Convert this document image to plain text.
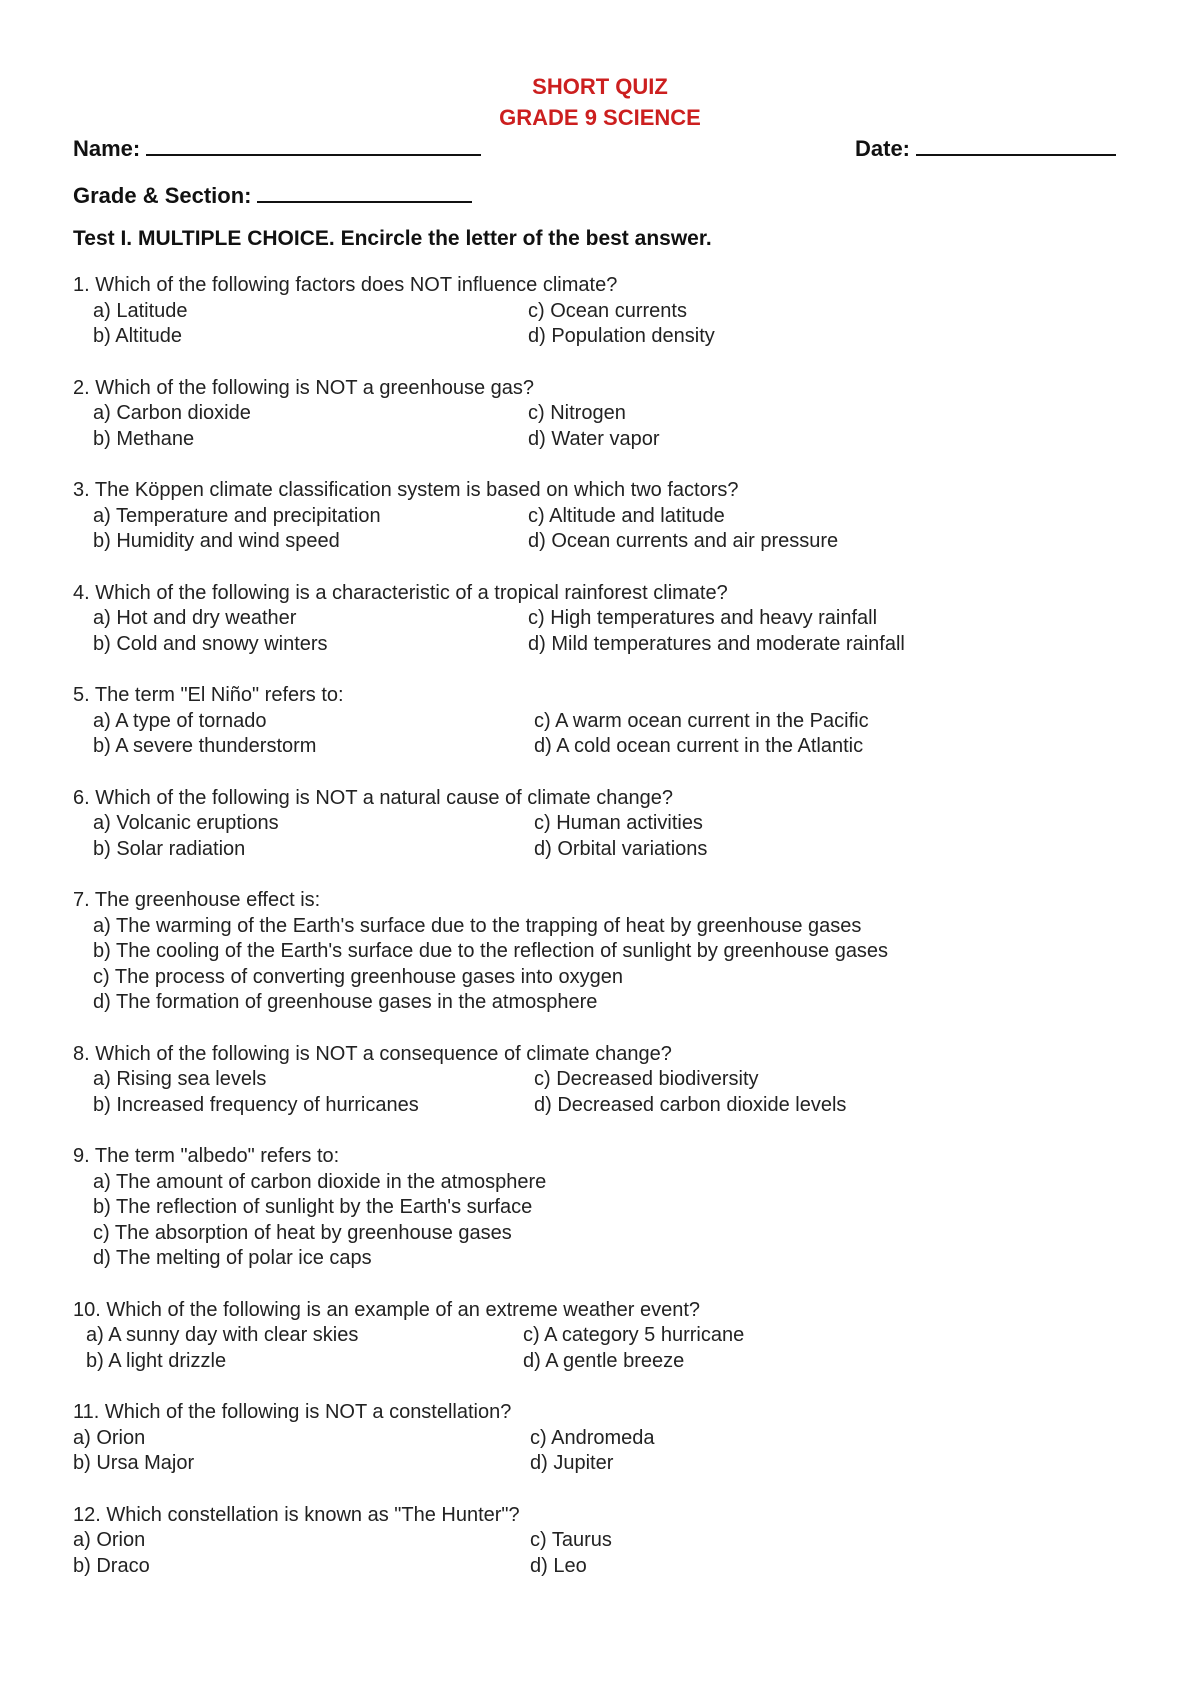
SHORT QUIZ
GRADE 9 SCIENCE
Name:	Date:
Grade & Section:
Test I. MULTIPLE CHOICE. Encircle the letter of the best answer.
1. Which of the following factors does NOT influence climate?
a) Latitude	c) Ocean currents
b) Altitude	d) Population density
2. Which of the following is NOT a greenhouse gas?
a) Carbon dioxide	c) Nitrogen
b) Methane	d) Water vapor
3. The Köppen climate classification system is based on which two factors?
a) Temperature and precipitation	c) Altitude and latitude
b) Humidity and wind speed	d) Ocean currents and air pressure
4. Which of the following is a characteristic of a tropical rainforest climate?
a) Hot and dry weather	c) High temperatures and heavy rainfall
b) Cold and snowy winters	d) Mild temperatures and moderate rainfall
5. The term "El Niño" refers to:
a) A type of tornado	c) A warm ocean current in the Pacific
b) A severe thunderstorm	d) A cold ocean current in the Atlantic
6. Which of the following is NOT a natural cause of climate change?
a) Volcanic eruptions	c) Human activities
b) Solar radiation	d) Orbital variations
7. The greenhouse effect is:
a) The warming of the Earth's surface due to the trapping of heat by greenhouse gases
b) The cooling of the Earth's surface due to the reflection of sunlight by greenhouse gases
c) The process of converting greenhouse gases into oxygen
d) The formation of greenhouse gases in the atmosphere
8. Which of the following is NOT a consequence of climate change?
a) Rising sea levels	c) Decreased biodiversity
b) Increased frequency of hurricanes	d) Decreased carbon dioxide levels
9. The term "albedo" refers to:
a) The amount of carbon dioxide in the atmosphere
b) The reflection of sunlight by the Earth's surface
c) The absorption of heat by greenhouse gases
d) The melting of polar ice caps
10. Which of the following is an example of an extreme weather event?
a) A sunny day with clear skies	c) A category 5 hurricane
b) A light drizzle	d) A gentle breeze
11. Which of the following is NOT a constellation?
a) Orion	c) Andromeda
b) Ursa Major	d) Jupiter
12. Which constellation is known as "The Hunter"?
a) Orion	c) Taurus
b) Draco	d) Leo
